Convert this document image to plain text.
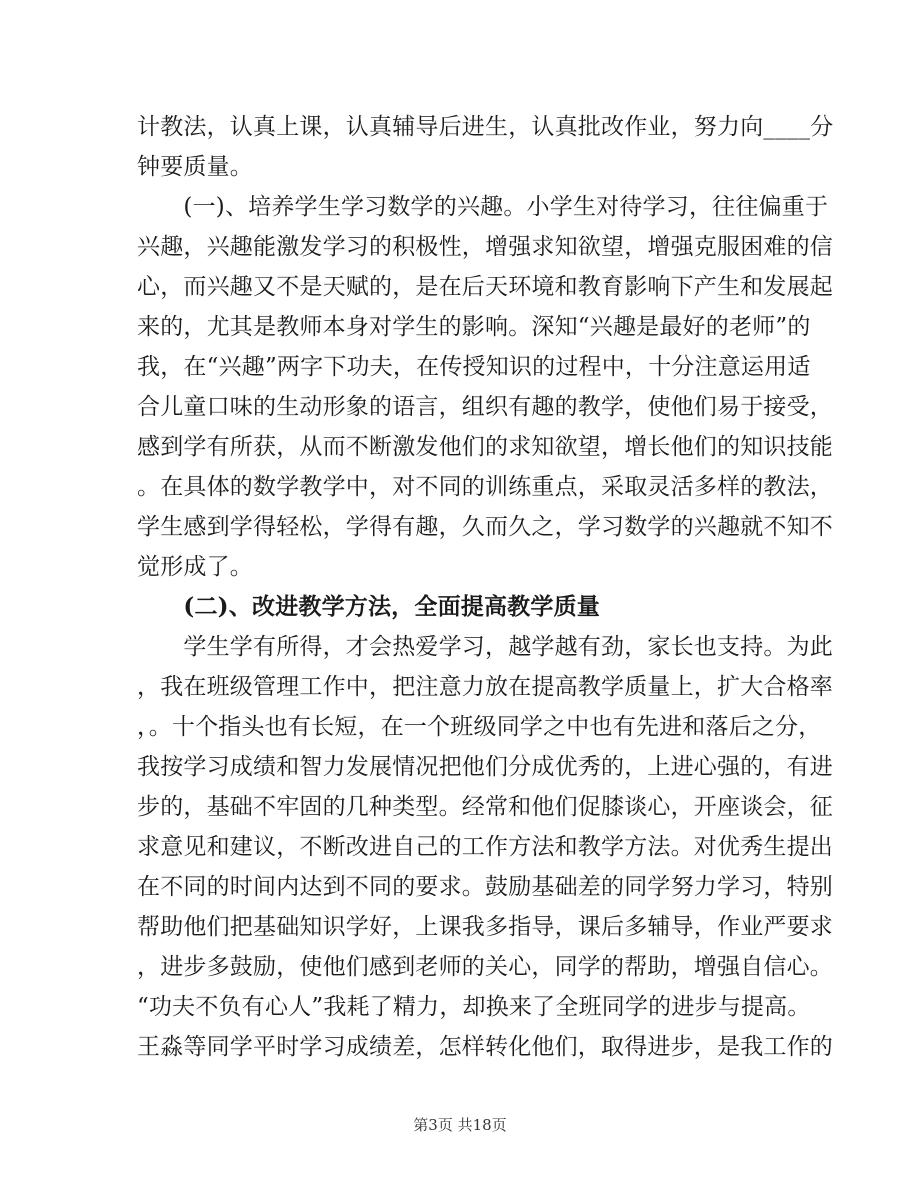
计教法，认真上课，认真辅导后进生，认真批改作业，努力向____分
钟要质量。
　　(一)、培养学生学习数学的兴趣。小学生对待学习，往往偏重于
兴趣，兴趣能激发学习的积极性，增强求知欲望，增强克服困难的信
心，而兴趣又不是天赋的，是在后天环境和教育影响下产生和发展起
来的，尤其是教师本身对学生的影响。深知“兴趣是最好的老师”的
我，在“兴趣”两字下功夫，在传授知识的过程中，十分注意运用适
合儿童口味的生动形象的语言，组织有趣的教学，使他们易于接受，
感到学有所获，从而不断激发他们的求知欲望，增长他们的知识技能
。在具体的数学教学中，对不同的训练重点，采取灵活多样的教法，
学生感到学得轻松，学得有趣，久而久之，学习数学的兴趣就不知不
觉形成了。
　　(二)、改进教学方法，全面提高教学质量
　　学生学有所得，才会热爱学习，越学越有劲，家长也支持。为此
，我在班级管理工作中，把注意力放在提高教学质量上，扩大合格率
，。十个指头也有长短，在一个班级同学之中也有先进和落后之分，
我按学习成绩和智力发展情况把他们分成优秀的，上进心强的，有进
步的，基础不牢固的几种类型。经常和他们促膝谈心，开座谈会，征
求意见和建议，不断改进自己的工作方法和教学方法。对优秀生提出
在不同的时间内达到不同的要求。鼓励基础差的同学努力学习，特别
帮助他们把基础知识学好，上课我多指导，课后多辅导，作业严要求
，进步多鼓励，使他们感到老师的关心，同学的帮助，增强自信心。
“功夫不负有心人”我耗了精力，却换来了全班同学的进步与提高。
王淼等同学平时学习成绩差，怎样转化他们，取得进步，是我工作的
第3页 共18页
